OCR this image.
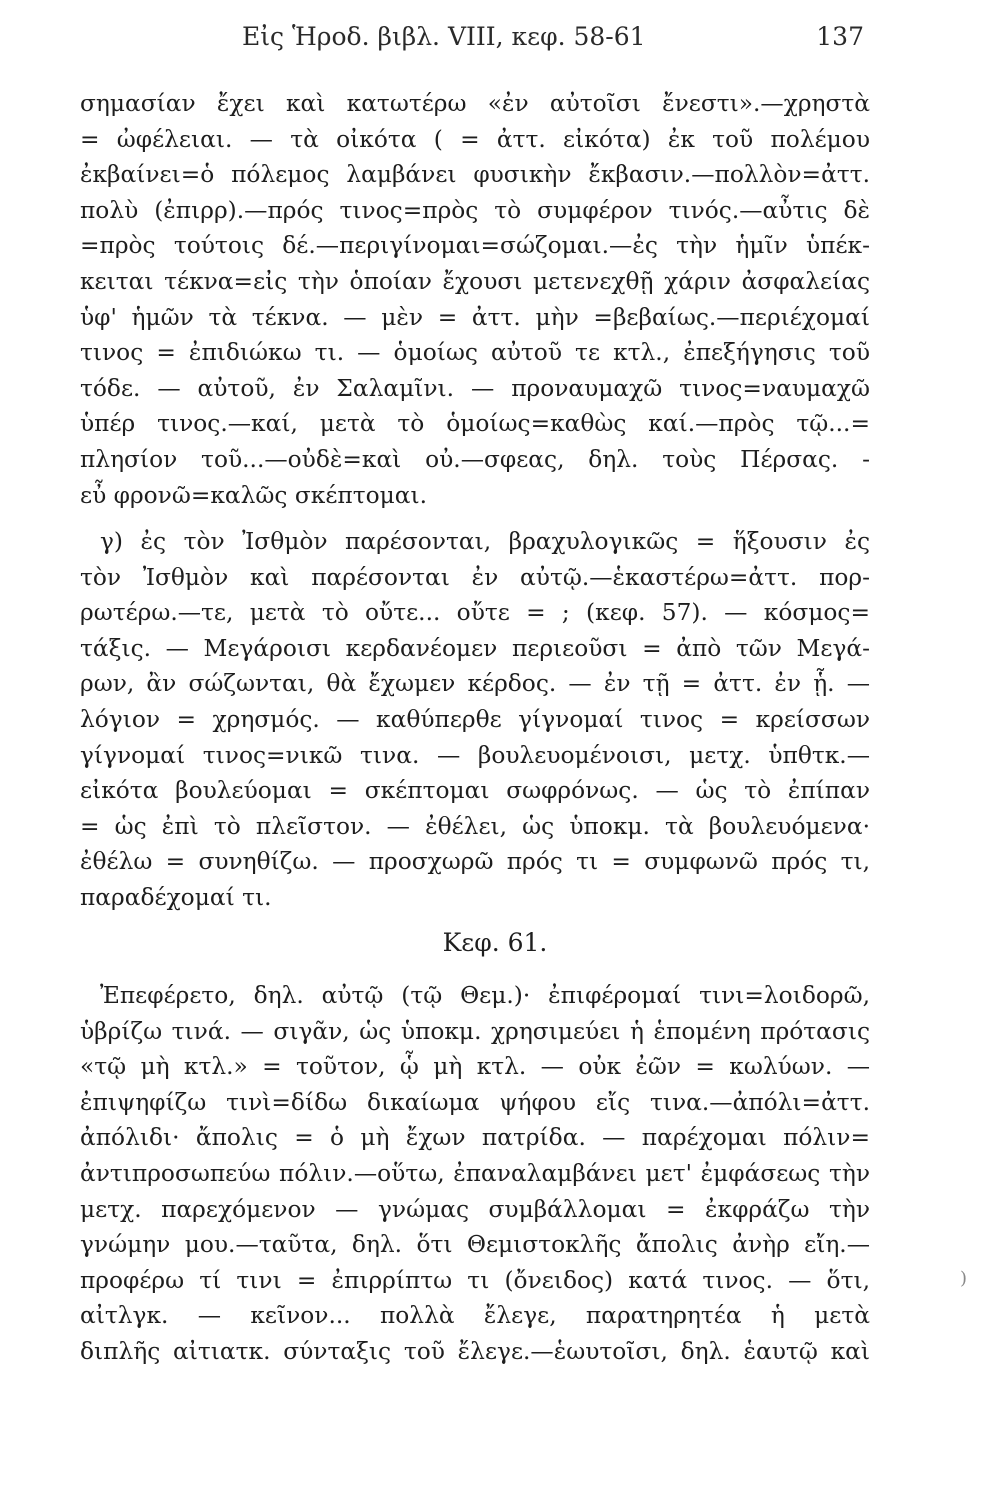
Εἰς Ἡροδ. βιβλ. VIII, κεφ. 58-61	137
σημασίαν ἔχει καὶ κατωτέρω «ἐν αὐτοῖσι ἔνεστι».—χρηστὰ
= ὠφέλειαι. — τὰ οἰκότα ( = ἀττ. εἰκότα) ἐκ τοῦ πολέμου
ἐκβαίνει=ὁ πόλεμος λαμβάνει φυσικὴν ἔκβασιν.—πολλὸν=ἀττ.
πολὺ (ἐπιρρ).—πρός τινος=πρὸς τὸ συμφέρον τινός.—αὖτις δὲ
=πρὸς τούτοις δέ.—περιγίνομαι=σώζομαι.—ἐς τὴν ἡμῖν ὑπέκ-
κειται τέκνα=εἰς τὴν ὁποίαν ἔχουσι μετενεχθῇ χάριν ἀσφαλείας
ὑφ' ἡμῶν τὰ τέκνα. — μὲν = ἀττ. μὴν =βεβαίως.—περιέχομαί
τινος = ἐπιδιώκω τι. — ὁμοίως αὐτοῦ τε κτλ., ἐπεξήγησις τοῦ
τόδε. — αὐτοῦ, ἐν Σαλαμῖνι. — προναυμαχῶ τινος=ναυμαχῶ
ὑπέρ τινος.—καί, μετὰ τὸ ὁμοίως=καθὼς καί.—πρὸς τῷ...=
πλησίον τοῦ...—οὐδὲ=καὶ οὐ.—σφεας, δηλ. τοὺς Πέρσας. -
εὖ φρονῶ=καλῶς σκέπτομαι.
γ) ἐς τὸν Ἰσθμὸν παρέσονται, βραχυλογικῶς = ἥξουσιν ἐς
τὸν Ἰσθμὸν καὶ παρέσονται ἐν αὐτῷ.—ἑκαστέρω=ἀττ. πορ-
ρωτέρω.—τε, μετὰ τὸ οὔτε... οὔτε = ; (κεφ. 57). — κόσμος=
τάξις. — Μεγάροισι κερδανέομεν περιεοῦσι = ἀπὸ τῶν Μεγά-
ρων, ἂν σώζωνται, θὰ ἔχωμεν κέρδος. — ἐν τῇ = ἀττ. ἐν ᾗ. —
λόγιον = χρησμός. — καθύπερθε γίγνομαί τινος = κρείσσων
γίγνομαί τινος=νικῶ τινα. — βουλευομένοισι, μετχ. ὑπθτκ.—
εἰκότα βουλεύομαι = σκέπτομαι σωφρόνως. — ὡς τὸ ἐπίπαν
= ὡς ἐπὶ τὸ πλεῖστον. — ἐθέλει, ὡς ὑποκμ. τὰ βουλευόμενα·
ἐθέλω = συνηθίζω. — προσχωρῶ πρός τι = συμφωνῶ πρός τι,
παραδέχομαί τι.
Κεφ. 61.
Ἐπεφέρετο, δηλ. αὐτῷ (τῷ Θεμ.)· ἐπιφέρομαί τινι=λοιδορῶ,
ὑβρίζω τινά. — σιγᾶν, ὡς ὑποκμ. χρησιμεύει ἡ ἑπομένη πρότασις
«τῷ μὴ κτλ.» = τοῦτον, ᾧ μὴ κτλ. — οὐκ ἐῶν = κωλύων. —
ἐπιψηφίζω τινὶ=δίδω δικαίωμα ψήφου εἴς τινα.—ἀπόλι=ἀττ.
ἀπόλιδι· ἄπολις = ὁ μὴ ἔχων πατρίδα. — παρέχομαι πόλιν=
ἀντιπροσωπεύω πόλιν.—οὕτω, ἐπαναλαμβάνει μετ' ἐμφάσεως τὴν
μετχ. παρεχόμενον — γνώμας συμβάλλομαι = ἐκφράζω τὴν
γνώμην μου.—ταῦτα, δηλ. ὅτι Θεμιστοκλῆς ἄπολις ἀνὴρ εἴη.—
προφέρω τί τινι = ἐπιρρίπτω τι (ὄνειδος) κατά τινος. — ὅτι,
αἰτλγκ. — κεῖνον... πολλὰ ἔλεγε, παρατηρητέα ἡ μετὰ
διπλῆς αἰτιατκ. σύνταξις τοῦ ἔλεγε.—ἑωυτοῖσι, δηλ. ἑαυτῷ καὶ
)
